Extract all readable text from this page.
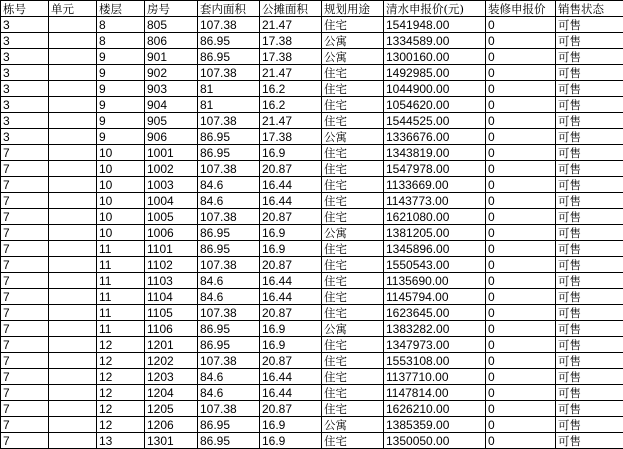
栋号	单元	楼层	房号	套内面积	公摊面积	规划用途	清水申报价(元)	装修申报价	销售状态
3		8	805	107.38	21.47	住宅	1541948.00	0	可售
3		8	806	86.95	17.38	公寓	1334589.00	0	可售
3		9	901	86.95	17.38	公寓	1300160.00	0	可售
3		9	902	107.38	21.47	住宅	1492985.00	0	可售
3		9	903	81	16.2	住宅	1044900.00	0	可售
3		9	904	81	16.2	住宅	1054620.00	0	可售
3		9	905	107.38	21.47	住宅	1544525.00	0	可售
3		9	906	86.95	17.38	公寓	1336676.00	0	可售
7		10	1001	86.95	16.9	住宅	1343819.00	0	可售
7		10	1002	107.38	20.87	住宅	1547978.00	0	可售
7		10	1003	84.6	16.44	住宅	1133669.00	0	可售
7		10	1004	84.6	16.44	住宅	1143773.00	0	可售
7		10	1005	107.38	20.87	住宅	1621080.00	0	可售
7		10	1006	86.95	16.9	公寓	1381205.00	0	可售
7		11	1101	86.95	16.9	住宅	1345896.00	0	可售
7		11	1102	107.38	20.87	住宅	1550543.00	0	可售
7		11	1103	84.6	16.44	住宅	1135690.00	0	可售
7		11	1104	84.6	16.44	住宅	1145794.00	0	可售
7		11	1105	107.38	20.87	住宅	1623645.00	0	可售
7		11	1106	86.95	16.9	公寓	1383282.00	0	可售
7		12	1201	86.95	16.9	住宅	1347973.00	0	可售
7		12	1202	107.38	20.87	住宅	1553108.00	0	可售
7		12	1203	84.6	16.44	住宅	1137710.00	0	可售
7		12	1204	84.6	16.44	住宅	1147814.00	0	可售
7		12	1205	107.38	20.87	住宅	1626210.00	0	可售
7		12	1206	86.95	16.9	公寓	1385359.00	0	可售
7		13	1301	86.95	16.9	住宅	1350050.00	0	可售
